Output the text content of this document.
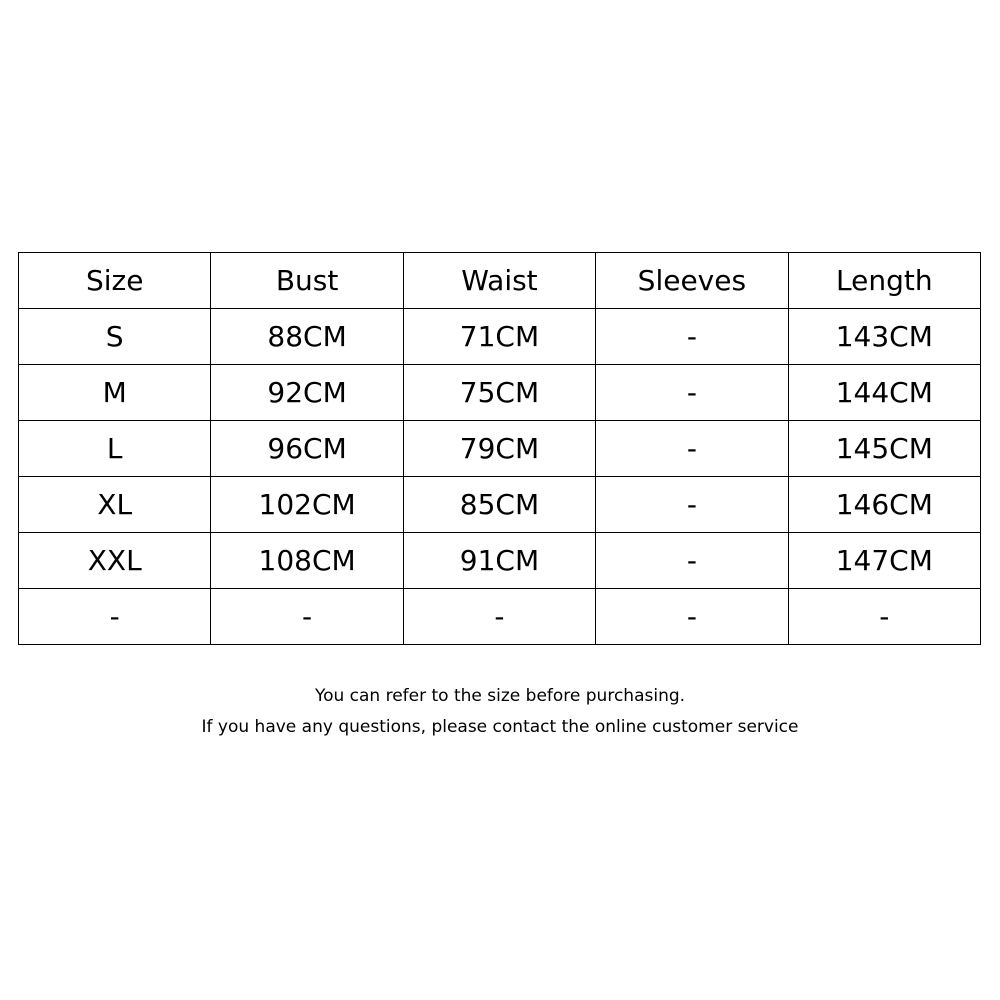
Size	Bust	Waist	Sleeves	Length
S	88CM	71CM	-	143CM
M	92CM	75CM	-	144CM
L	96CM	79CM	-	145CM
XL	102CM	85CM	-	146CM
XXL	108CM	91CM	-	147CM
-	-	-	-	-
You can refer to the size before purchasing.
If you have any questions, please contact the online customer service
